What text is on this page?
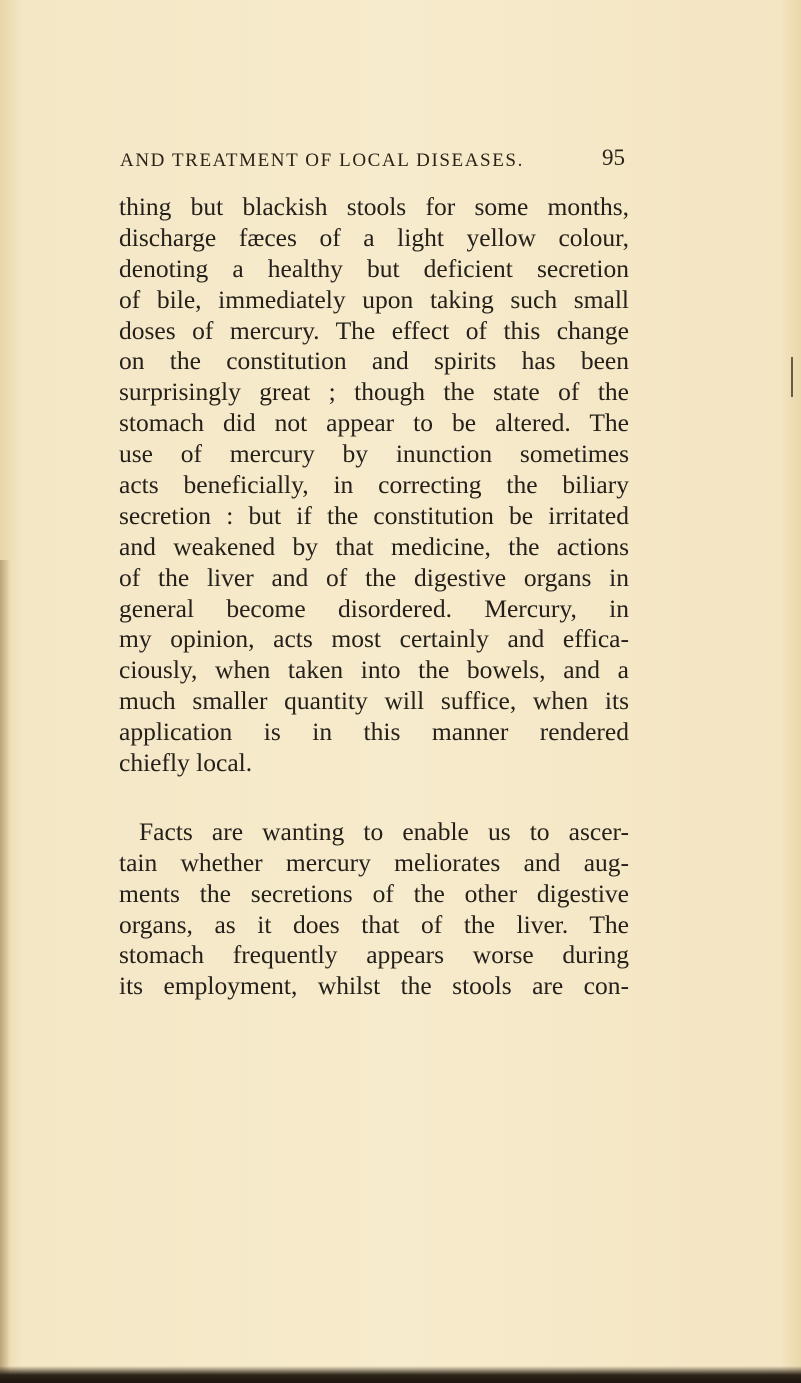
AND TREATMENT OF LOCAL DISEASES.	95
thing but blackish stools for some months,
discharge fæces of a light yellow colour,
denoting a healthy but deficient secretion
of bile, immediately upon taking such small
doses of mercury. The effect of this change
on the constitution and spirits has been
surprisingly great ; though the state of the
stomach did not appear to be altered. The
use of mercury by inunction sometimes
acts beneficially, in correcting the biliary
secretion : but if the constitution be irritated
and weakened by that medicine, the actions
of the liver and of the digestive organs in
general become disordered. Mercury, in
my opinion, acts most certainly and effica-
ciously, when taken into the bowels, and a
much smaller quantity will suffice, when its
application is in this manner rendered
chiefly local.
Facts are wanting to enable us to ascer-
tain whether mercury meliorates and aug-
ments the secretions of the other digestive
organs, as it does that of the liver. The
stomach frequently appears worse during
its employment, whilst the stools are con-
